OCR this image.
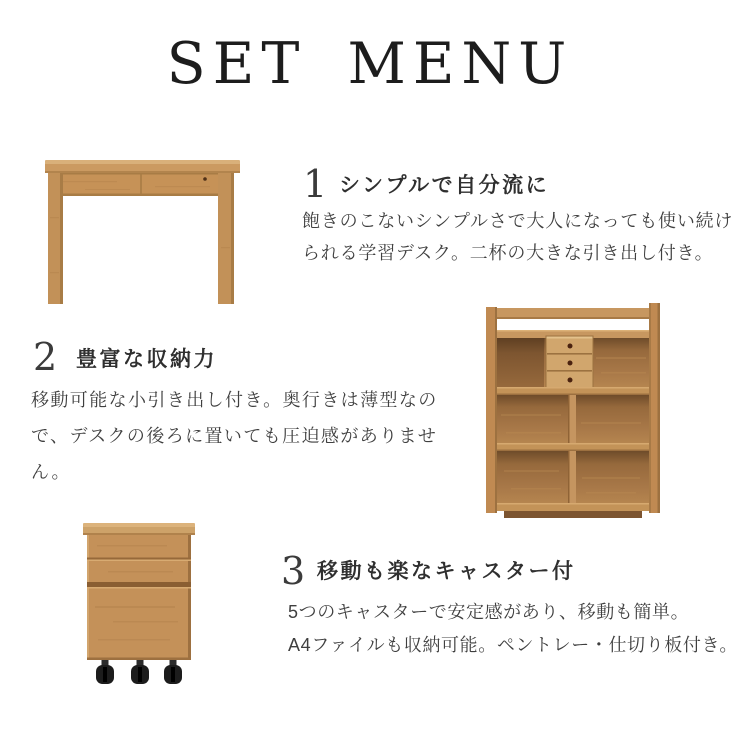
SET MENU
1 シンプルで自分流に
飽きのこないシンプルさで大人になっても使い続け
られる学習デスク。二杯の大きな引き出し付き。
2 豊富な収納力
移動可能な小引き出し付き。奥行きは薄型なの
で、デスクの後ろに置いても圧迫感がありませ
ん。
3 移動も楽なキャスター付
5つのキャスターで安定感があり、移動も簡単。
A4ファイルも収納可能。ペントレー・仕切り板付き。
